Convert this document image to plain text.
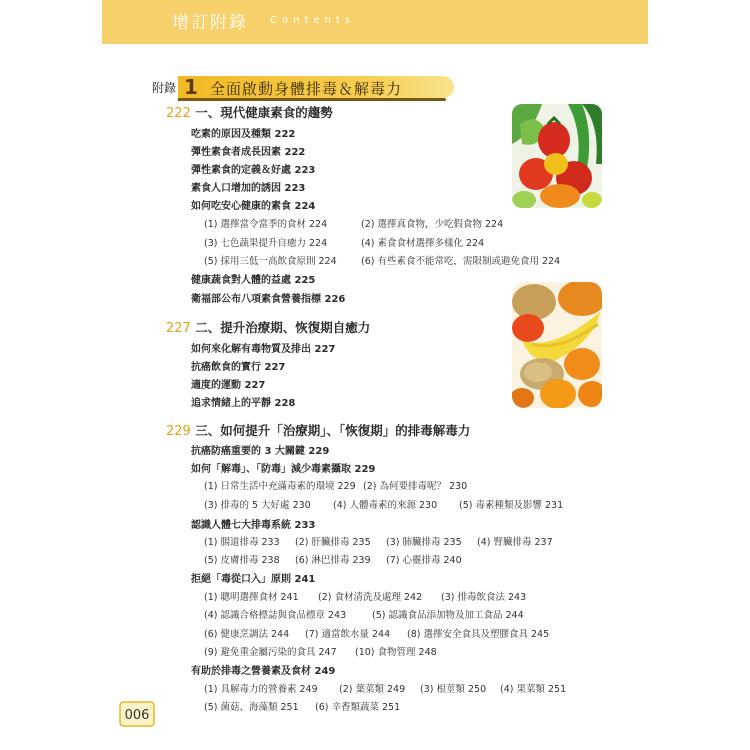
增訂附錄 Contents
附錄 1 全面啟動身體排毒＆解毒力
222 一、現代健康素食的趨勢
吃素的原因及種類 222
彈性素食者成長因素 222
彈性素食的定義＆好處 223
素食人口增加的誘因 223
如何吃安心健康的素食 224
(1) 選擇當令當季的食材 224	(2) 選擇真食物，少吃假食物 224
(3) 七色蔬果提升自癒力 224	(4) 素食食材選擇多樣化 224
(5) 採用三低一高飲食原則 224	(6) 有些素食不能常吃，需限制或避免食用 224
健康蔬食對人體的益處 225
衛福部公布八項素食營養指標 226
227 二、提升治療期、恢復期自癒力
如何來化解有毒物質及排出 227
抗癌飲食的實行 227
適度的運動 227
追求情緒上的平靜 228
229 三、如何提升「治療期」、「恢復期」的排毒解毒力
抗癌防癌重要的 3 大關鍵 229
如何「解毒」、「防毒」減少毒素攝取 229
(1) 日常生活中充滿毒素的環境 229 (2) 為何要排毒呢？ 230
(3) 排毒的 5 大好處 230 (4) 人體毒素的來源 230 (5) 毒素種類及影響 231
認識人體七大排毒系統 233
(1) 腸道排毒 233 (2) 肝臟排毒 235 (3) 肺臟排毒 235 (4) 腎臟排毒 237
(5) 皮膚排毒 238 (6) 淋巴排毒 239 (7) 心靈排毒 240
拒絕「毒從口入」原則 241
(1) 聰明選擇食材 241 (2) 食材清洗及處理 242 (3) 排毒飲食法 243
(4) 認識合格標誌與食品標章 243	(5) 認識食品添加物及加工食品 244
(6) 健康烹調法 244 (7) 適當飲水量 244 (8) 選擇安全食具及塑膠食具 245
(9) 避免重金屬污染的食具 247 (10) 食物管理 248
有助於排毒之營養素及食材 249
(1) 具解毒力的營養素 249 (2) 葉菜類 249 (3) 根莖類 250 (4) 果菜類 251
(5) 菌菇、海藻類 251 (6) 辛香類蔬菜 251
006
